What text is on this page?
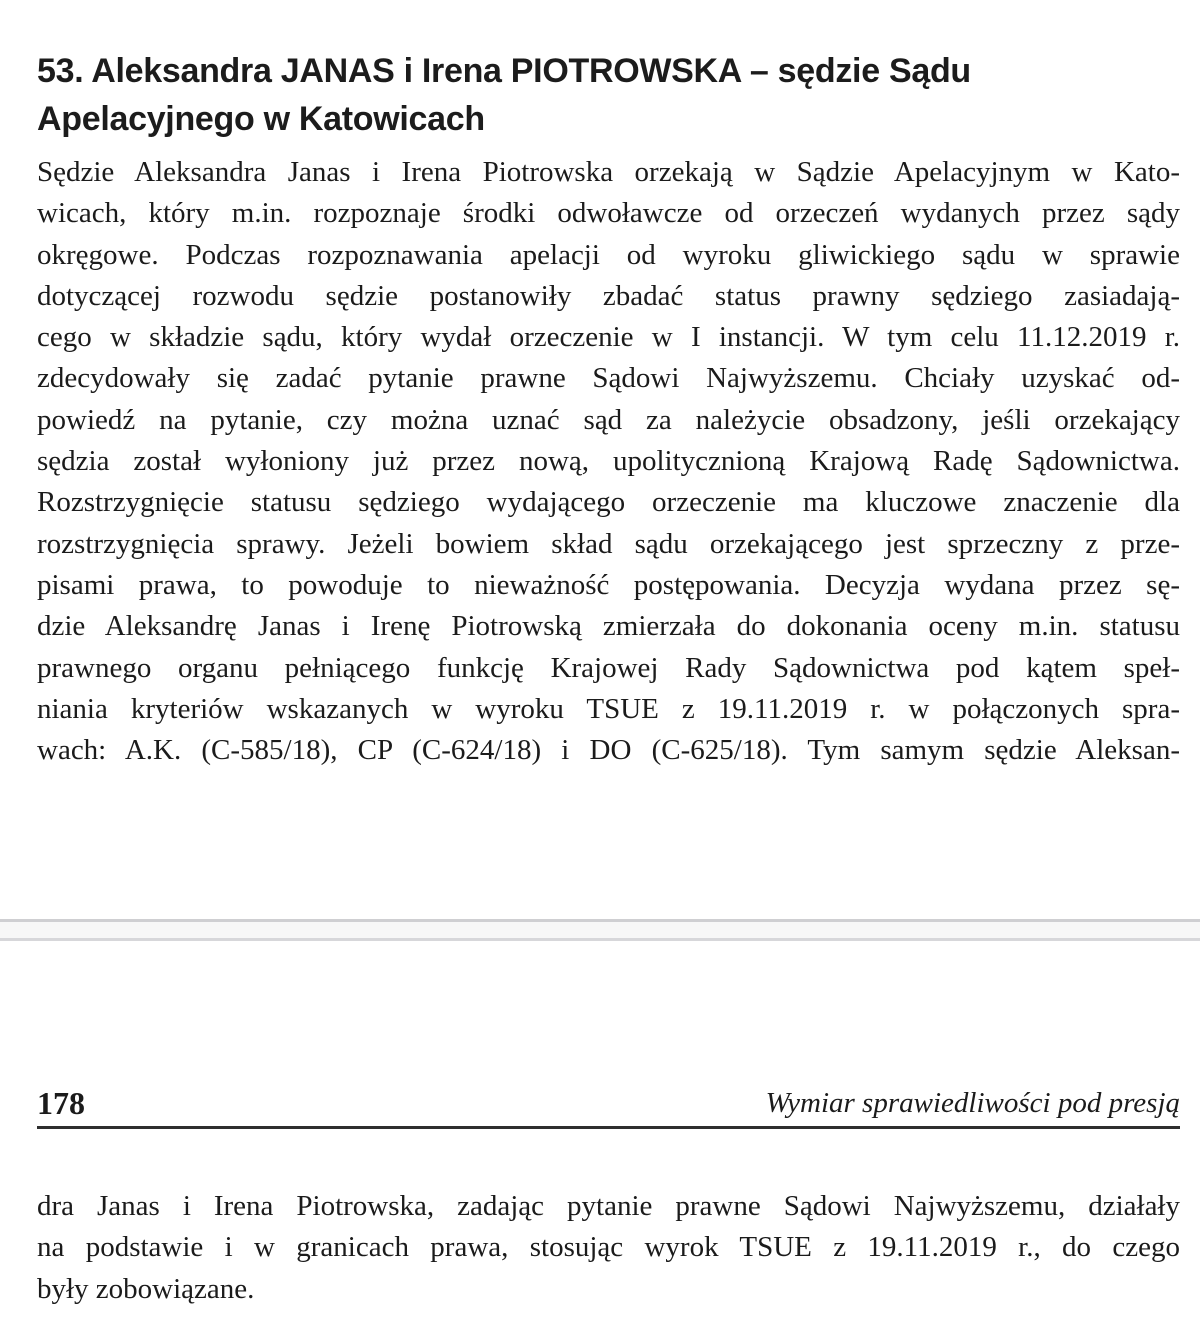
53. Aleksandra JANAS i Irena PIOTROWSKA – sędzie Sądu
Apelacyjnego w Katowicach
Sędzie Aleksandra Janas i Irena Piotrowska orzekają w Sądzie Apelacyjnym w Kato-
wicach, który m.in. rozpoznaje środki odwoławcze od orzeczeń wydanych przez sądy
okręgowe. Podczas rozpoznawania apelacji od wyroku gliwickiego sądu w sprawie
dotyczącej rozwodu sędzie postanowiły zbadać status prawny sędziego zasiadają-
cego w składzie sądu, który wydał orzeczenie w I instancji. W tym celu 11.12.2019 r.
zdecydowały się zadać pytanie prawne Sądowi Najwyższemu. Chciały uzyskać od-
powiedź na pytanie, czy można uznać sąd za należycie obsadzony, jeśli orzekający
sędzia został wyłoniony już przez nową, upolitycznioną Krajową Radę Sądownictwa.
Rozstrzygnięcie statusu sędziego wydającego orzeczenie ma kluczowe znaczenie dla
rozstrzygnięcia sprawy. Jeżeli bowiem skład sądu orzekającego jest sprzeczny z prze-
pisami prawa, to powoduje to nieważność postępowania. Decyzja wydana przez sę-
dzie Aleksandrę Janas i Irenę Piotrowską zmierzała do dokonania oceny m.in. statusu
prawnego organu pełniącego funkcję Krajowej Rady Sądownictwa pod kątem speł-
niania kryteriów wskazanych w wyroku TSUE z 19.11.2019 r. w połączonych spra-
wach: A.K. (C-585/18), CP (C-624/18) i DO (C-625/18). Tym samym sędzie Aleksan-
178	Wymiar sprawiedliwości pod presją
dra Janas i Irena Piotrowska, zadając pytanie prawne Sądowi Najwyższemu, działały
na podstawie i w granicach prawa, stosując wyrok TSUE z 19.11.2019 r., do czego
były zobowiązane.
